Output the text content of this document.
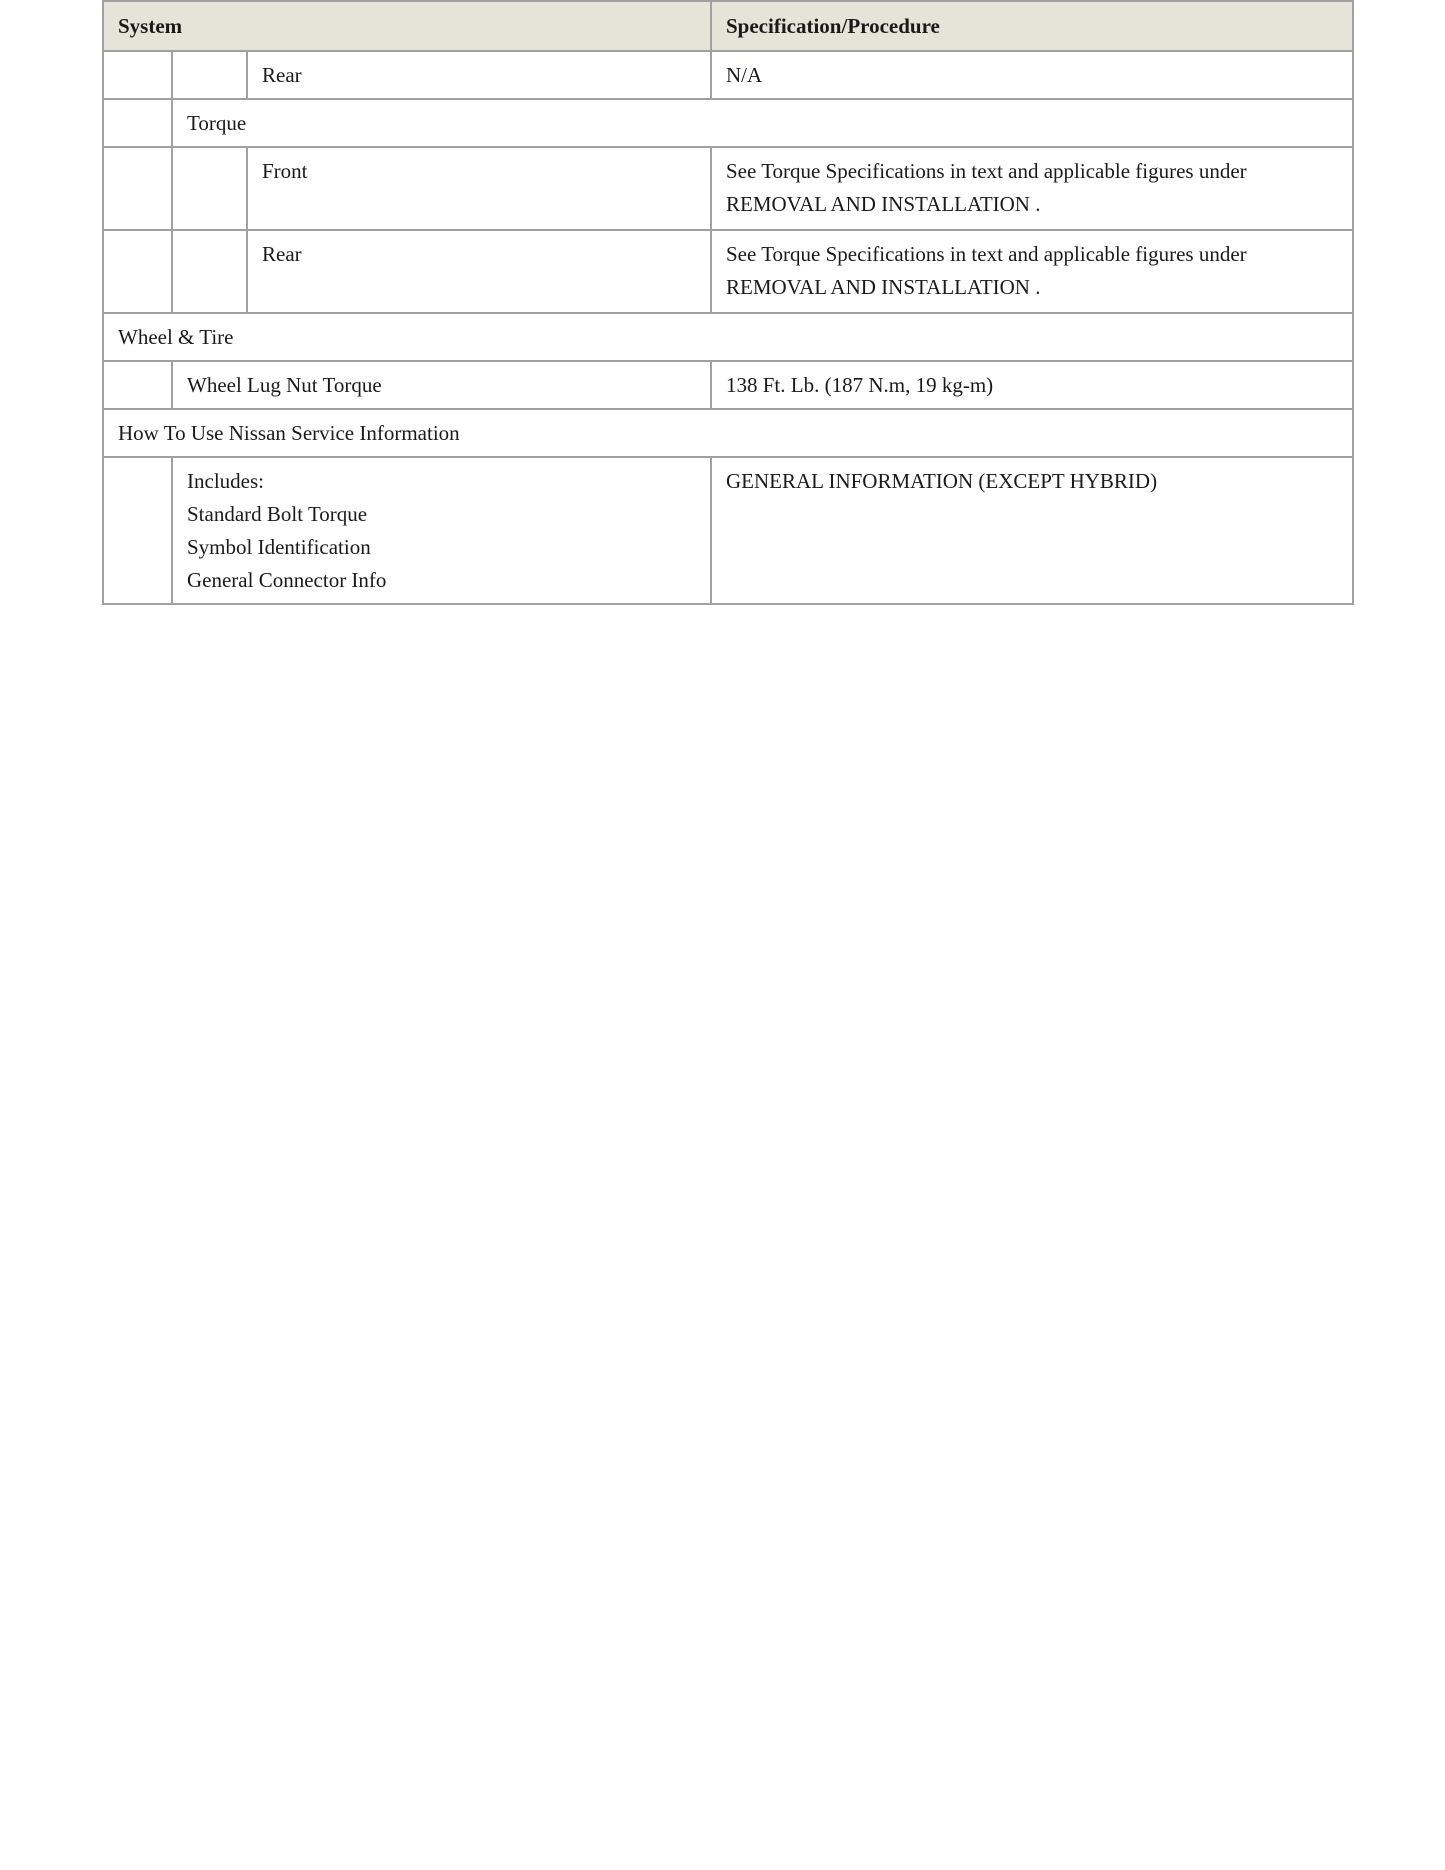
System			Specification/Procedure
		Rear	N/A
	Torque		
		Front	See Torque Specifications in text and applicable figures under
REMOVAL AND INSTALLATION .

		Rear	See Torque Specifications in text and applicable figures under
REMOVAL AND INSTALLATION .

Wheel & Tire			
	Wheel Lug Nut Torque		138 Ft. Lb. (187 N.m, 19 kg-m)
How To Use Nissan Service Information			

	Includes:
Standard Bolt Torque
Symbol Identification
General Connector Info		GENERAL INFORMATION (EXCEPT HYBRID)
